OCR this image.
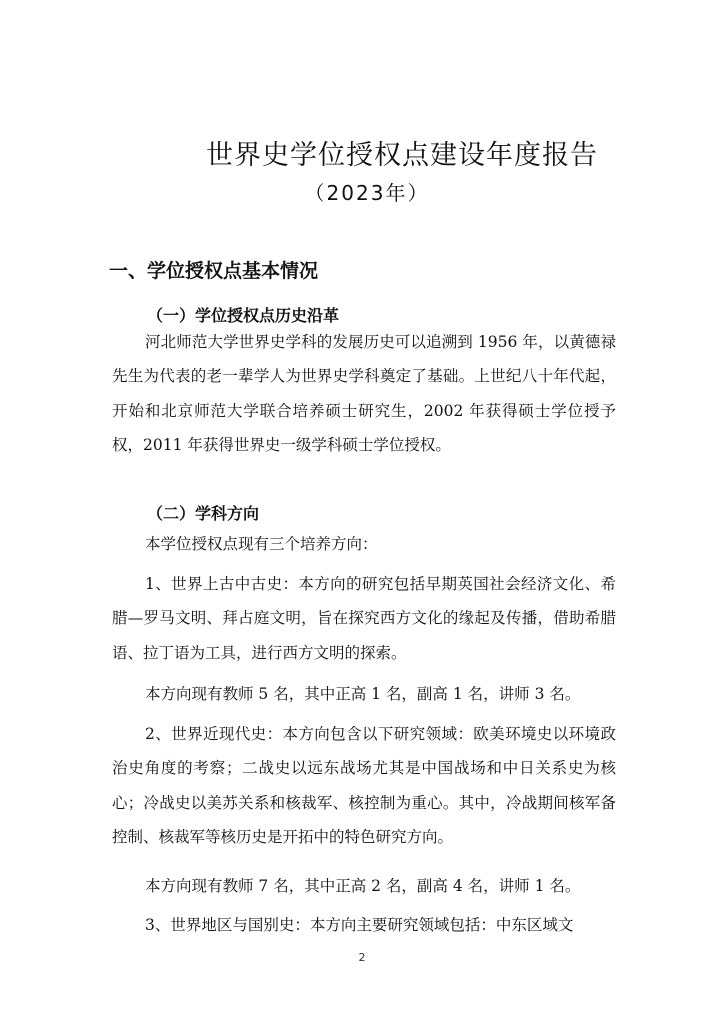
世界史学位授权点建设年度报告
（2023年）
一、学位授权点基本情况
（一）学位授权点历史沿革

河北师范大学世界史学科的发展历史可以追溯到 1956 年，以黄德禄先生为代表的老一辈学人为世界史学科奠定了基础。上世纪八十年代起，开始和北京师范大学联合培养硕士研究生，2002 年获得硕士学位授予权，2011 年获得世界史一级学科硕士学位授权。

（二）学科方向

本学位授权点现有三个培养方向：

1、世界上古中古史：本方向的研究包括早期英国社会经济文化、希腊—罗马文明、拜占庭文明，旨在探究西方文化的缘起及传播，借助希腊语、拉丁语为工具，进行西方文明的探索。

本方向现有教师 5 名，其中正高 1 名，副高 1 名，讲师 3 名。

2、世界近现代史：本方向包含以下研究领域：欧美环境史以环境政治史角度的考察；二战史以远东战场尤其是中国战场和中日关系史为核心；冷战史以美苏关系和核裁军、核控制为重心。其中，冷战期间核军备控制、核裁军等核历史是开拓中的特色研究方向。

本方向现有教师 7 名，其中正高 2 名，副高 4 名，讲师 1 名。

3、世界地区与国别史：本方向主要研究领域包括：中东区域文

2
